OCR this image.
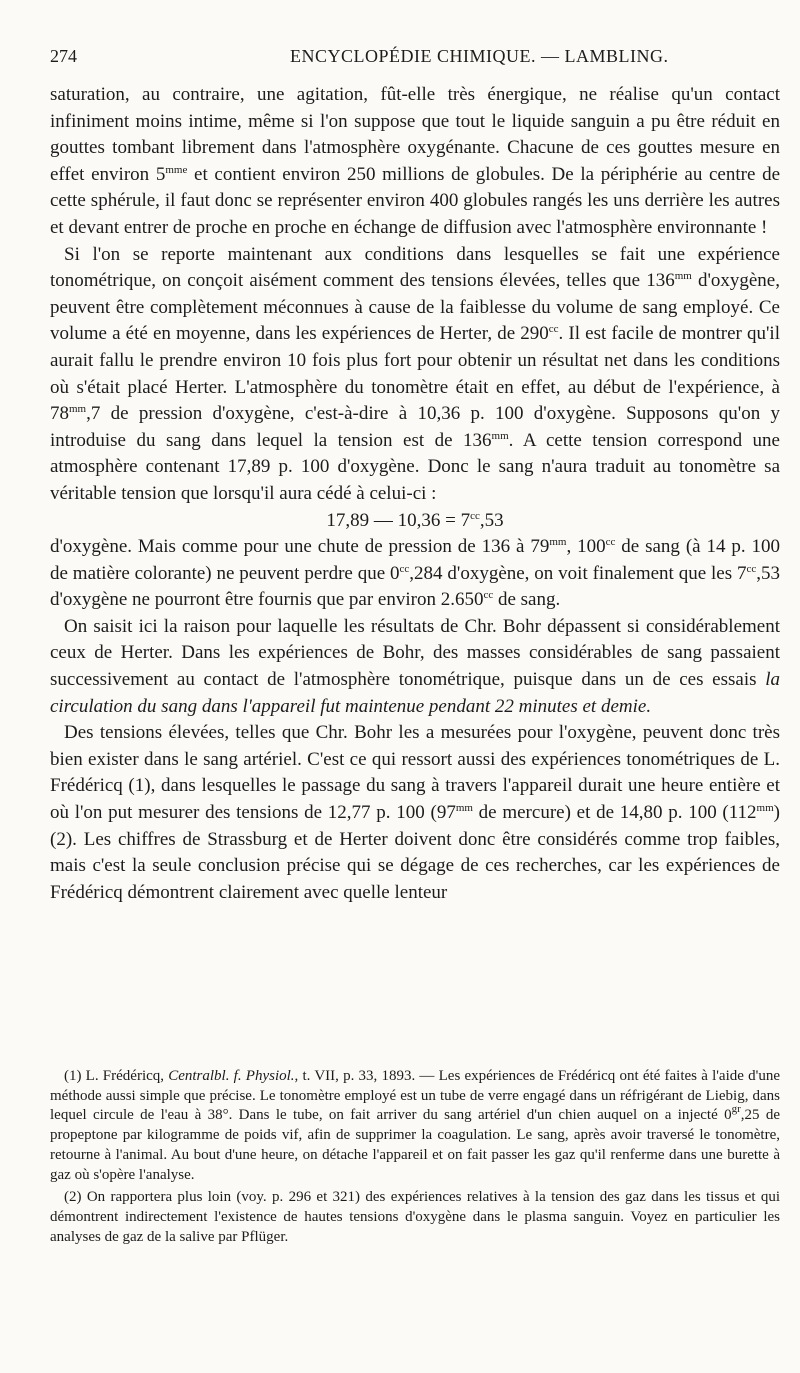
274	ENCYCLOPÉDIE CHIMIQUE. — LAMBLING.

saturation, au contraire, une agitation, fût-elle très énergique, ne réalise qu'un contact infiniment moins intime, même si l'on suppose que tout le liquide sanguin a pu être réduit en gouttes tombant librement dans l'atmosphère oxygénante. Chacune de ces gouttes mesure en effet environ $5^{mme}$ et contient environ 250 millions de globules. De la périphérie au centre de cette sphérule, il faut donc se représenter environ 400 globules rangés les uns derrière les autres et devant entrer de proche en proche en échange de diffusion avec l'atmosphère environnante !

Si l'on se reporte maintenant aux conditions dans lesquelles se fait une expérience tonométrique, on conçoit aisément comment des tensions élevées, telles que $136^{mm}$ d'oxygène, peuvent être complètement méconnues à cause de la faiblesse du volume de sang employé. Ce volume a été en moyenne, dans les expériences de Herter, de $290^{cc}$. Il est facile de montrer qu'il aurait fallu le prendre environ 10 fois plus fort pour obtenir un résultat net dans les conditions où s'était placé Herter. L'atmosphère du tonomètre était en effet, au début de l'expérience, à $78^{mm},7$ de pression d'oxygène, c'est-à-dire à 10,36 p. 100 d'oxygène. Supposons qu'on y introduise du sang dans lequel la tension est de $136^{mm}$. A cette tension correspond une atmosphère contenant 17,89 p. 100 d'oxygène. Donc le sang n'aura traduit au tonomètre sa véritable tension que lorsqu'il aura cédé à celui-ci :

17,89 — $10,36 = 7^{cc},53$

d'oxygène. Mais comme pour une chute de pression de 136 à $79^{mm}$, $100^{cc}$ de sang (à 14 p. 100 de matière colorante) ne peuvent perdre que $0^{cc},284$ d'oxygène, on voit finalement que les $7^{cc},53$ d'oxygène ne pourront être fournis que par environ 2.650$^{cc}$ de sang.

On saisit ici la raison pour laquelle les résultats de Chr. Bohr dépassent si considérablement ceux de Herter. Dans les expériences de Bohr, des masses considérables de sang passaient successivement au contact de l'atmosphère tonométrique, puisque dans un de ces essais la circulation du sang dans l'appareil fut maintenue pendant 22 minutes et demie.

Des tensions élevées, telles que Chr. Bohr les a mesurées pour l'oxygène, peuvent donc très bien exister dans le sang artériel. C'est ce qui ressort aussi des expériences tonométriques de L. Frédéricq (1), dans lesquelles le passage du sang à travers l'appareil durait une heure entière et où l'on put mesurer des tensions de 12,77 p. 100 ($97^{mm}$ de mercure) et de 14,80 p. 100 $(112^{mm})$ (2). Les chiffres de Strassburg et de Herter doivent donc être considérés comme trop faibles, mais c'est la seule conclusion précise qui se dégage de ces recherches, car les expériences de Frédéricq démontrent clairement avec quelle lenteur

(1) L. Frédéricq, Centralbl. f. Physiol., t. VII, p. 33, 1893. — Les expériences de Frédéricq ont été faites à l'aide d'une méthode aussi simple que précise. Le tonomètre employé est un tube de verre engagé dans un réfrigérant de Liebig, dans lequel circule de l'eau à 38°. Dans le tube, on fait arriver du sang artériel d'un chien auquel on a injecté $0^{gr},25$ de propeptone par kilogramme de poids vif, afin de supprimer la coagulation. Le sang, après avoir traversé le tonomètre, retourne à l'animal. Au bout d'une heure, on détache l'appareil et on fait passer les gaz qu'il renferme dans une burette à gaz où s'opère l'analyse.

(2) On rapportera plus loin (voy. p. 296 et 321) des expériences relatives à la tension des gaz dans les tissus et qui démontrent indirectement l'existence de hautes tensions d'oxygène dans le plasma sanguin. Voyez en particulier les analyses de gaz de la salive par Pflüger.
